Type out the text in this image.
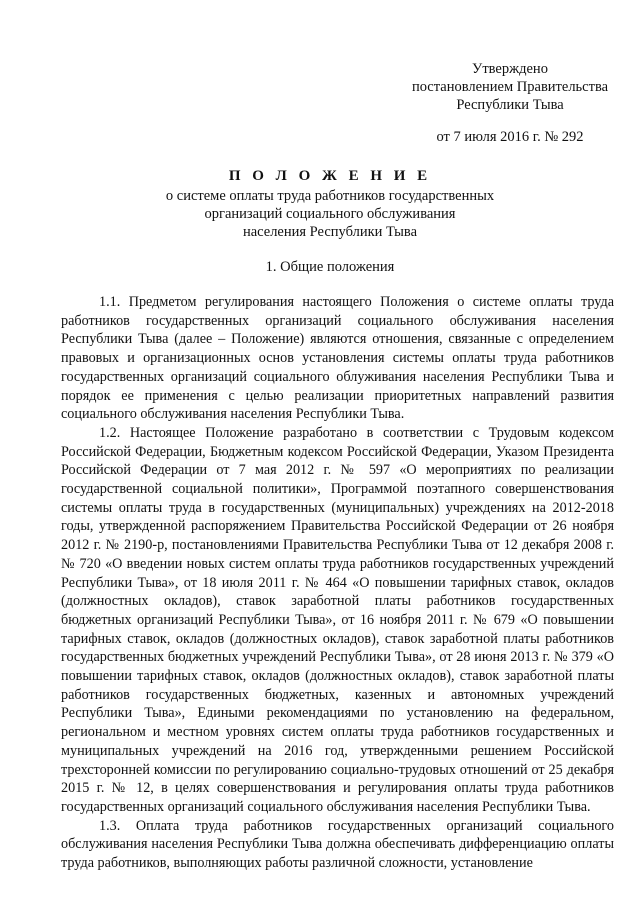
Утверждено
постановлением Правительства
Республики Тыва
от 7 июля 2016 г. № 292
П О Л О Ж Е Н И Е
о системе оплаты труда работников государственных
организаций социального обслуживания
населения Республики Тыва
1. Общие положения

1.1. Предметом регулирования настоящего Положения о системе оплаты труда работников государственных организаций социального обслуживания населения Республики Тыва (далее – Положение) являются отношения, связанные с определением правовых и организационных основ установления системы оплаты труда работников государственных организаций социального облуживания населения Республики Тыва и порядок ее применения с целью реализации приоритетных направлений развития социального обслуживания населения Республики Тыва.

1.2. Настоящее Положение разработано в соответствии с Трудовым кодексом Российской Федерации, Бюджетным кодексом Российской Федерации, Указом Президента Российской Федерации от 7 мая 2012 г. № 597 «О мероприятиях по реализации государственной социальной политики», Программой поэтапного совершенствования системы оплаты труда в государственных (муниципальных) учреждениях на 2012-2018 годы, утвержденной распоряжением Правительства Российской Федерации от 26 ноября 2012 г. № 2190-р, постановлениями Правительства Республики Тыва от 12 декабря 2008 г. № 720 «О введении новых систем оплаты труда работников государственных учреждений Республики Тыва», от 18 июля 2011 г. № 464 «О повышении тарифных ставок, окладов (должностных окладов), ставок заработной платы работников государственных бюджетных организаций Республики Тыва», от 16 ноября 2011 г. № 679 «О повышении тарифных ставок, окладов (должностных окладов), ставок заработной платы работников государственных бюджетных учреждений Республики Тыва», от 28 июня 2013 г. № 379 «О повышении тарифных ставок, окладов (должностных окладов), ставок заработной платы работников государственных бюджетных, казенных и автономных учреждений Республики Тыва», Едиными рекомендациями по установлению на федеральном, региональном и местном уровнях систем оплаты труда работников государственных и муниципальных учреждений на 2016 год, утвержденными решением Российской трехсторонней комиссии по регулированию социально-трудовых отношений от 25 декабря 2015 г. № 12, в целях совершенствования и регулирования оплаты труда работников государственных организаций социального обслуживания населения Республики Тыва.

1.3. Оплата труда работников государственных организаций социального обслуживания населения Республики Тыва должна обеспечивать дифференциацию оплаты труда работников, выполняющих работы различной сложности, установление
